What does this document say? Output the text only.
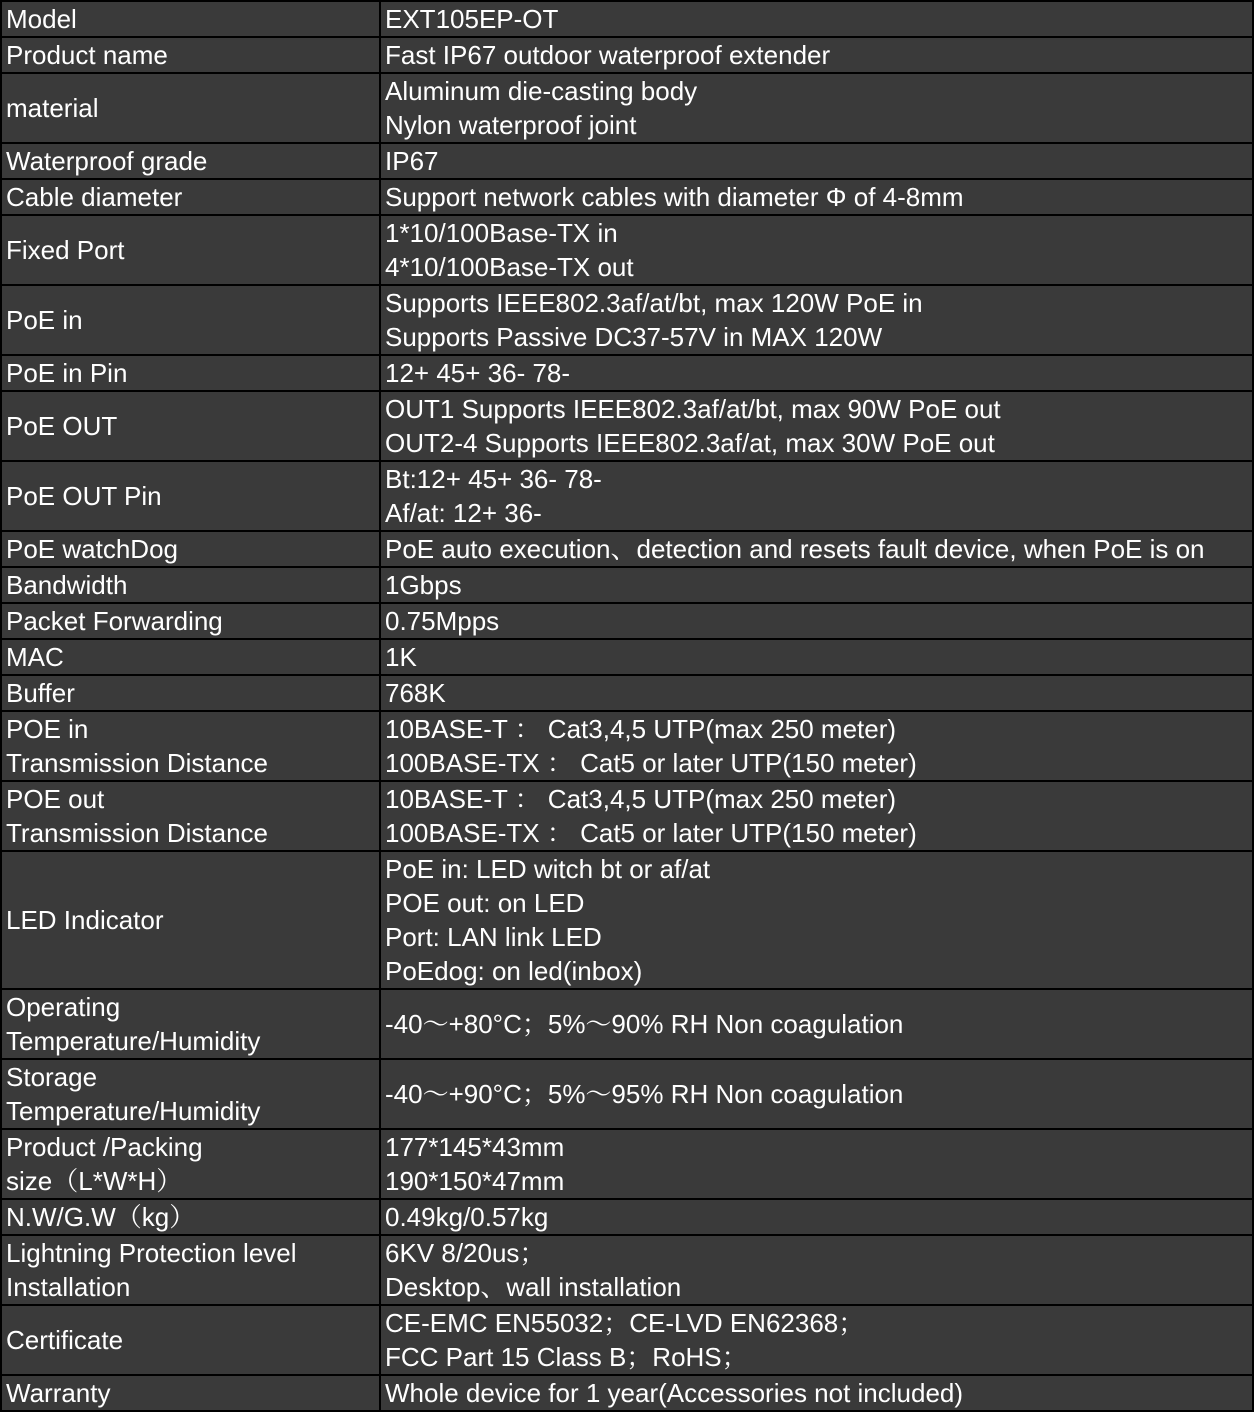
Model	EXT105EP-OT

Product name	Fast IP67 outdoor waterproof extender

material	Aluminum die-casting body
Nylon waterproof joint

Waterproof grade	IP67

Cable diameter	Support network cables with diameter Φ of 4-8mm

Fixed Port	1*10/100Base-TX in
4*10/100Base-TX out

PoE in	Supports IEEE802.3af/at/bt, max 120W PoE in
Supports Passive DC37-57V in MAX 120W

PoE in Pin	12+ 45+ 36- 78-

PoE OUT	OUT1 Supports IEEE802.3af/at/bt, max 90W PoE out
OUT2-4 Supports IEEE802.3af/at, max 30W PoE out

PoE OUT Pin	Bt:12+ 45+ 36- 78-
Af/at: 12+ 36-

PoE watchDog	PoE auto execution、detection and resets fault device, when PoE is on

Bandwidth	1Gbps

Packet Forwarding	0.75Mpps

MAC	1K

Buffer	768K

POE in
Transmission Distance	10BASE-T ： Cat3,4,5 UTP(max 250 meter)
100BASE-TX ： Cat5 or later UTP(150 meter)

POE out
Transmission Distance	10BASE-T ： Cat3,4,5 UTP(max 250 meter)
100BASE-TX ： Cat5 or later UTP(150 meter)

LED Indicator	PoE in: LED witch bt or af/at
POE out: on LED
Port: LAN link LED
PoEdog: on led(inbox)

Operating
Temperature/Humidity	-40～+80°C；5%～90% RH Non coagulation

Storage
Temperature/Humidity	-40～+90°C；5%～95% RH Non coagulation

Product /Packing
size（L*W*H）	177*145*43mm
190*150*47mm

N.W/G.W（kg）	0.49kg/0.57kg

Lightning Protection level
Installation	6KV 8/20us；
Desktop、wall installation

Certificate	CE-EMC EN55032；CE-LVD EN62368；
FCC Part 15 Class B；RoHS；

Warranty	Whole device for 1 year(Accessories not included)
